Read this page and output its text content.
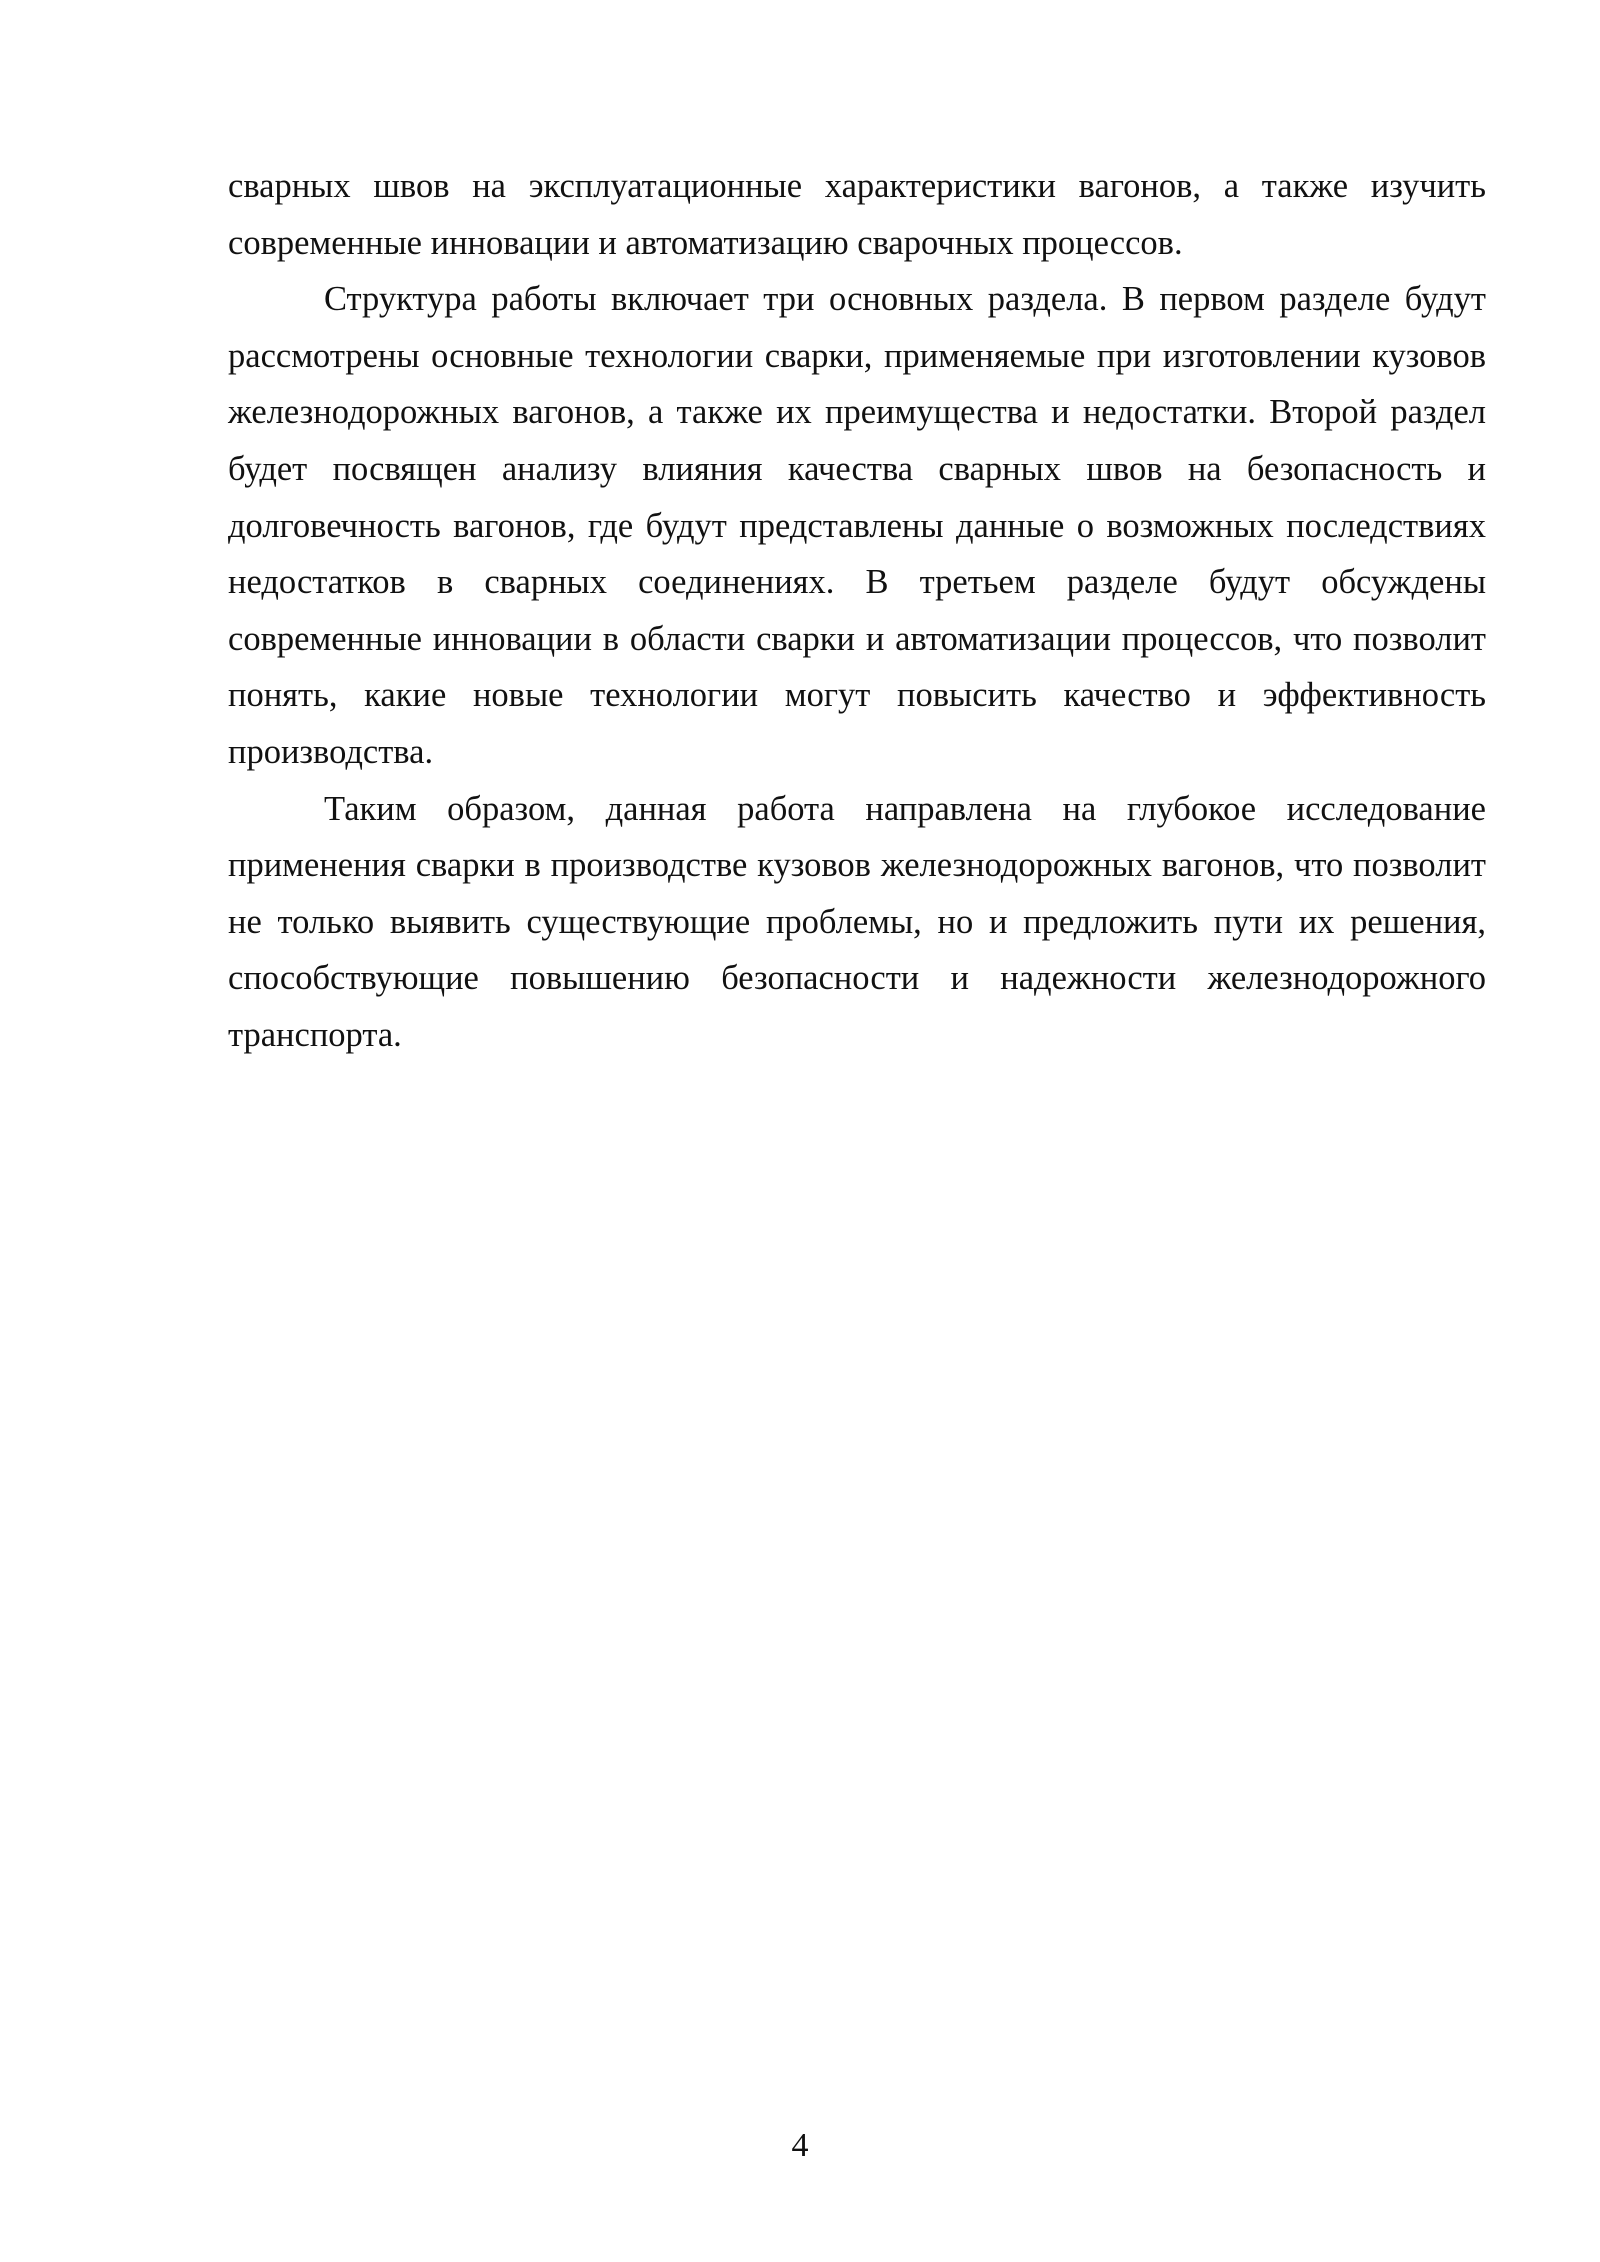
сварных швов на эксплуатационные характеристики вагонов, а также изучить современные инновации и автоматизацию сварочных процессов.

Структура работы включает три основных раздела. В первом разделе будут рассмотрены основные технологии сварки, применяемые при изготовлении кузовов железнодорожных вагонов, а также их преимущества и недостатки. Второй раздел будет посвящен анализу влияния качества сварных швов на безопасность и долговечность вагонов, где будут представлены данные о возможных последствиях недостатков в сварных соединениях. В третьем разделе будут обсуждены современные инновации в области сварки и автоматизации процессов, что позволит понять, какие новые технологии могут повысить качество и эффективность производства.

Таким образом, данная работа направлена на глубокое исследование применения сварки в производстве кузовов железнодорожных вагонов, что позволит не только выявить существующие проблемы, но и предложить пути их решения, способствующие повышению безопасности и надежности железнодорожного транспорта.

4
